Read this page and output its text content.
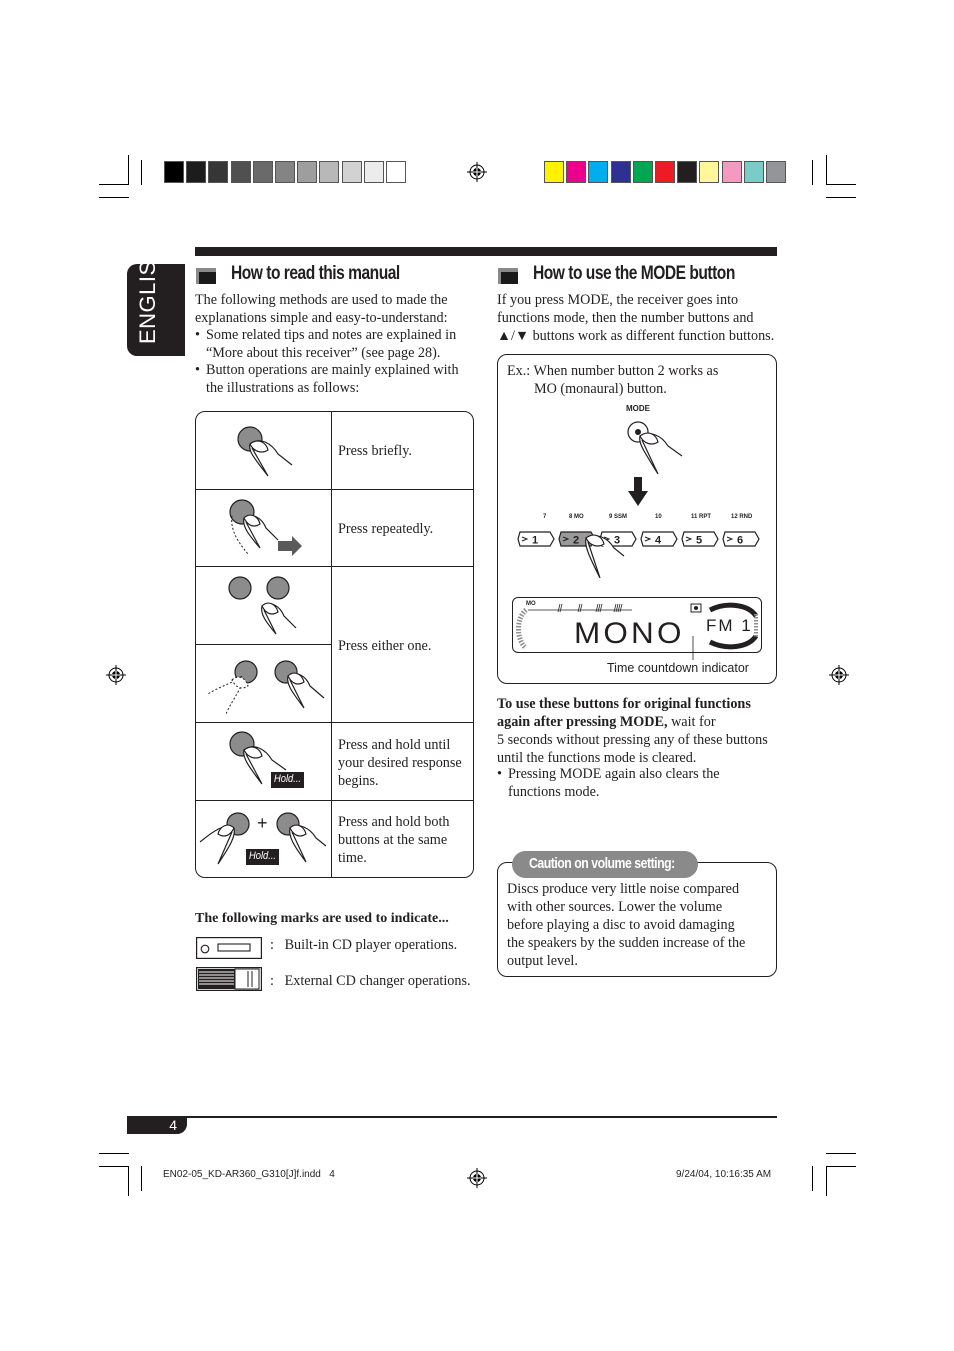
ENGLISH	How to read this manual
The following methods are used to made the
explanations simple and easy-to-understand:
• Some related tips and notes are explained in
“More about this receiver” (see page 28).
• Button operations are mainly explained with
the illustrations as follows:
Press briefly.
Press repeatedly.
Press either one.
Hold...
Press and hold until
your desired response
begins.
+
Hold...
Press and hold both
buttons at the same
time.
The following marks are used to indicate...
:   Built-in CD player operations.
:   External CD changer operations.
How to use the MODE button
If you press MODE, the receiver goes into
functions mode, then the number buttons and
▲/▼ buttons work as different function buttons.
Ex.: When number button 2 works as
MO (monaural) button.
MODE
7	8 MO	9 SSM	10	11 RPT	12 RND
1	2	3	4	5	6
MO
MONO FM 1
Time countdown indicator
To use these buttons for original functions
again after pressing MODE, wait for
5 seconds without pressing any of these buttons
until the functions mode is cleared.
• Pressing MODE again also clears the
functions mode.
Caution on volume setting:
Discs produce very little noise compared
with other sources. Lower the volume
before playing a disc to avoid damaging
the speakers by the sudden increase of the
output level.
4
EN02-05_KD-AR360_G310[J]f.indd   4	9/24/04, 10:16:35 AM
